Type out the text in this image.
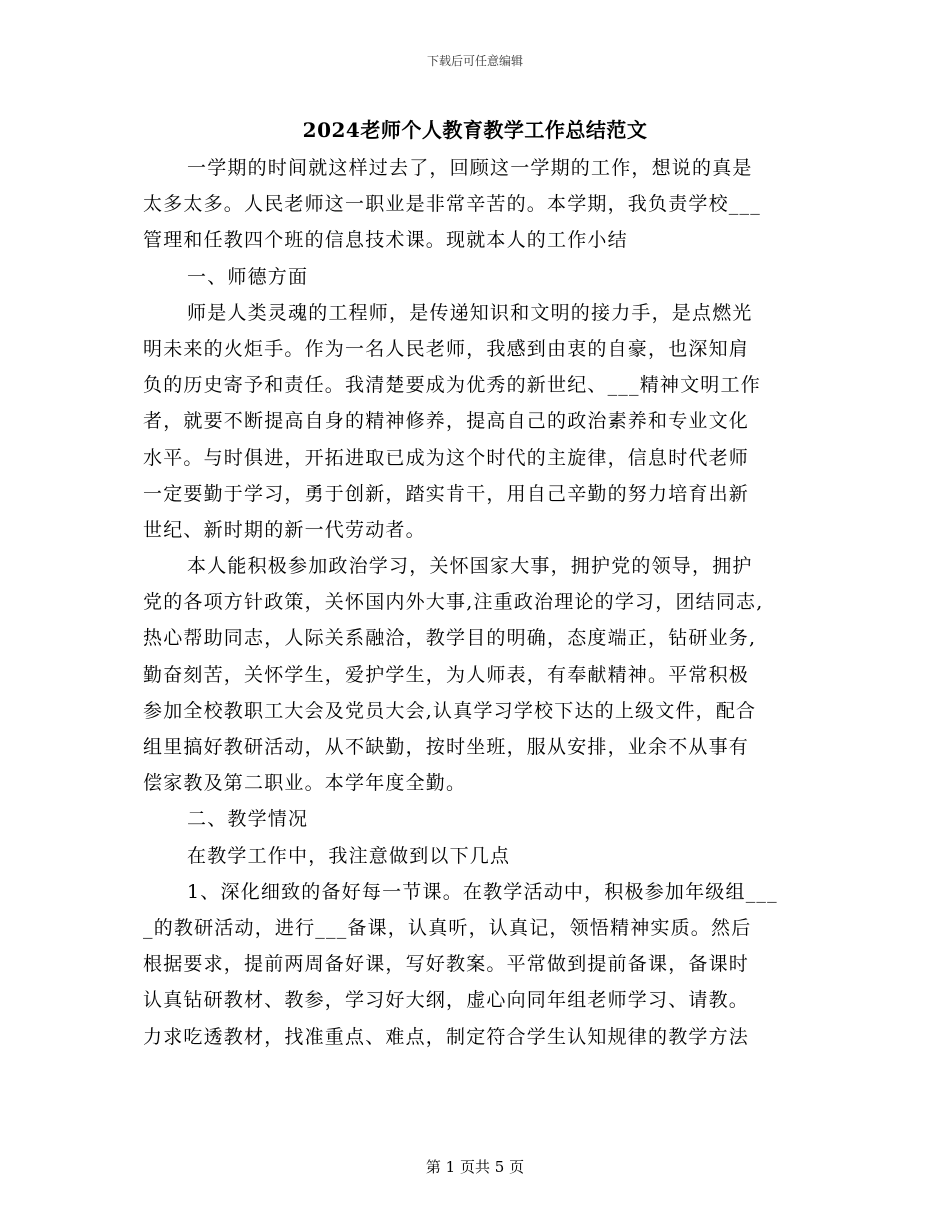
下载后可任意编辑
2024老师个人教育教学工作总结范文
一学期的时间就这样过去了，回顾这一学期的工作，想说的真是
太多太多。人民老师这一职业是非常辛苦的。本学期，我负责学校___
管理和任教四个班的信息技术课。现就本人的工作小结
一、师德方面
师是人类灵魂的工程师，是传递知识和文明的接力手，是点燃光
明未来的火炬手。作为一名人民老师，我感到由衷的自豪，也深知肩
负的历史寄予和责任。我清楚要成为优秀的新世纪、___精神文明工作
者，就要不断提高自身的精神修养，提高自己的政治素养和专业文化
水平。与时俱进，开拓进取已成为这个时代的主旋律，信息时代老师
一定要勤于学习，勇于创新，踏实肯干，用自己辛勤的努力培育出新
世纪、新时期的新一代劳动者。
本人能积极参加政治学习，关怀国家大事，拥护党的领导，拥护
党的各项方针政策，关怀国内外大事,注重政治理论的学习，团结同志,
热心帮助同志，人际关系融洽，教学目的明确，态度端正，钻研业务,
勤奋刻苦，关怀学生，爱护学生，为人师表，有奉献精神。平常积极
参加全校教职工大会及党员大会,认真学习学校下达的上级文件，配合
组里搞好教研活动，从不缺勤，按时坐班，服从安排，业余不从事有
偿家教及第二职业。本学年度全勤。
二、教学情况
在教学工作中，我注意做到以下几点
1、深化细致的备好每一节课。在教学活动中，积极参加年级组___
_的教研活动，进行___备课，认真听，认真记，领悟精神实质。然后
根据要求，提前两周备好课，写好教案。平常做到提前备课，备课时
认真钻研教材、教参，学习好大纲，虚心向同年组老师学习、请教。
力求吃透教材，找准重点、难点，制定符合学生认知规律的教学方法
第 1 页共 5 页
